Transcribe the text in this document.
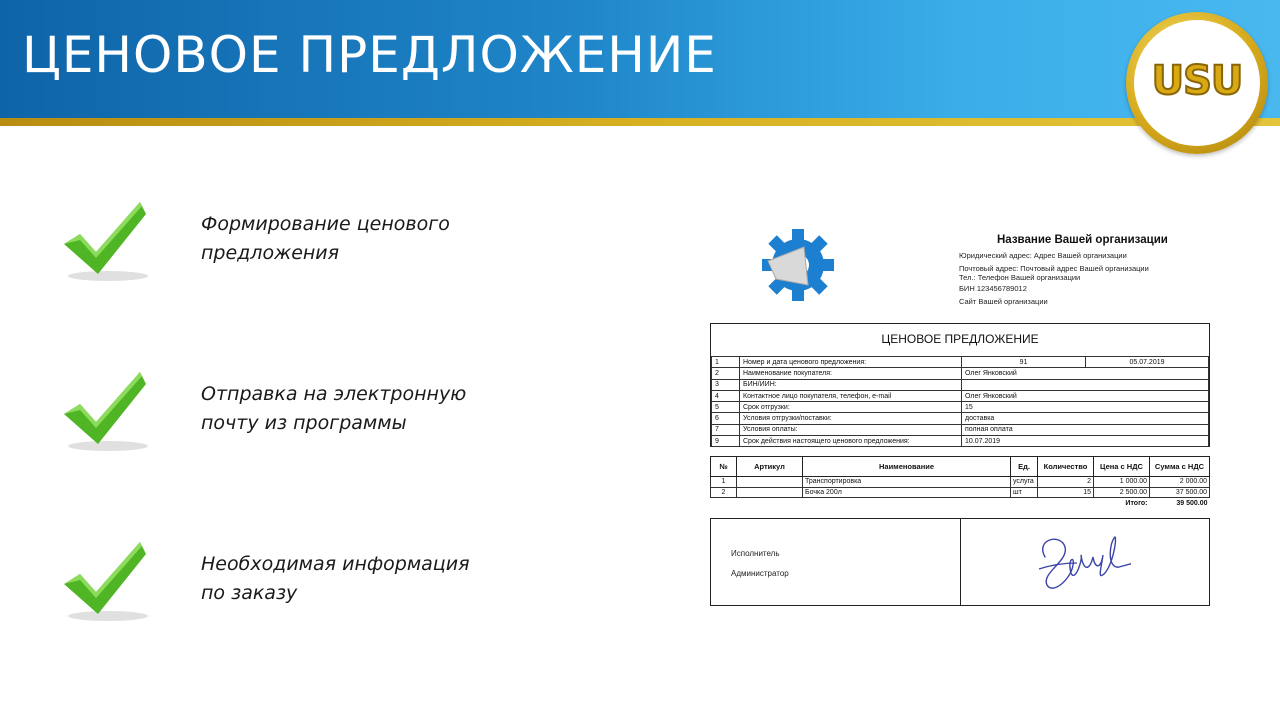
ЦЕНОВОЕ ПРЕДЛОЖЕНИЕ	USU
Формирование ценового
предложения
Отправка на электронную
почту из программы
Необходимая информация
по заказу
Название Вашей организации
Юридический адрес: Адрес Вашей организации
Почтовый адрес: Почтовый адрес Вашей организации
Тел.: Телефон Вашей организации
БИН 123456789012
Сайт Вашей организации
ЦЕНОВОЕ ПРЕДЛОЖЕНИЕ
1	Номер и дата ценового предложения:	91	05.07.2019
2	Наименование покупателя:	Олег Янковский	
3	БИН/ИИН:		
4	Контактное лицо покупателя, телефон, e-mail	Олег Янковский	
5	Срок отгрузки:	15	
6	Условия отгрузки/поставки:	доставка	
7	Условия оплаты:	полная оплата	
9	Срок действия настоящего ценового предложения:	10.07.2019	
№	Артикул	Наименование	Ед.	Количество	Цена с НДС	Сумма с НДС
1		Транспортировка	услуга	2	1 000.00	2 000.00
2		Бочка 200л	шт	15	2 500.00	37 500.00
Итого:						39 500.00
Исполнитель
Администратор
